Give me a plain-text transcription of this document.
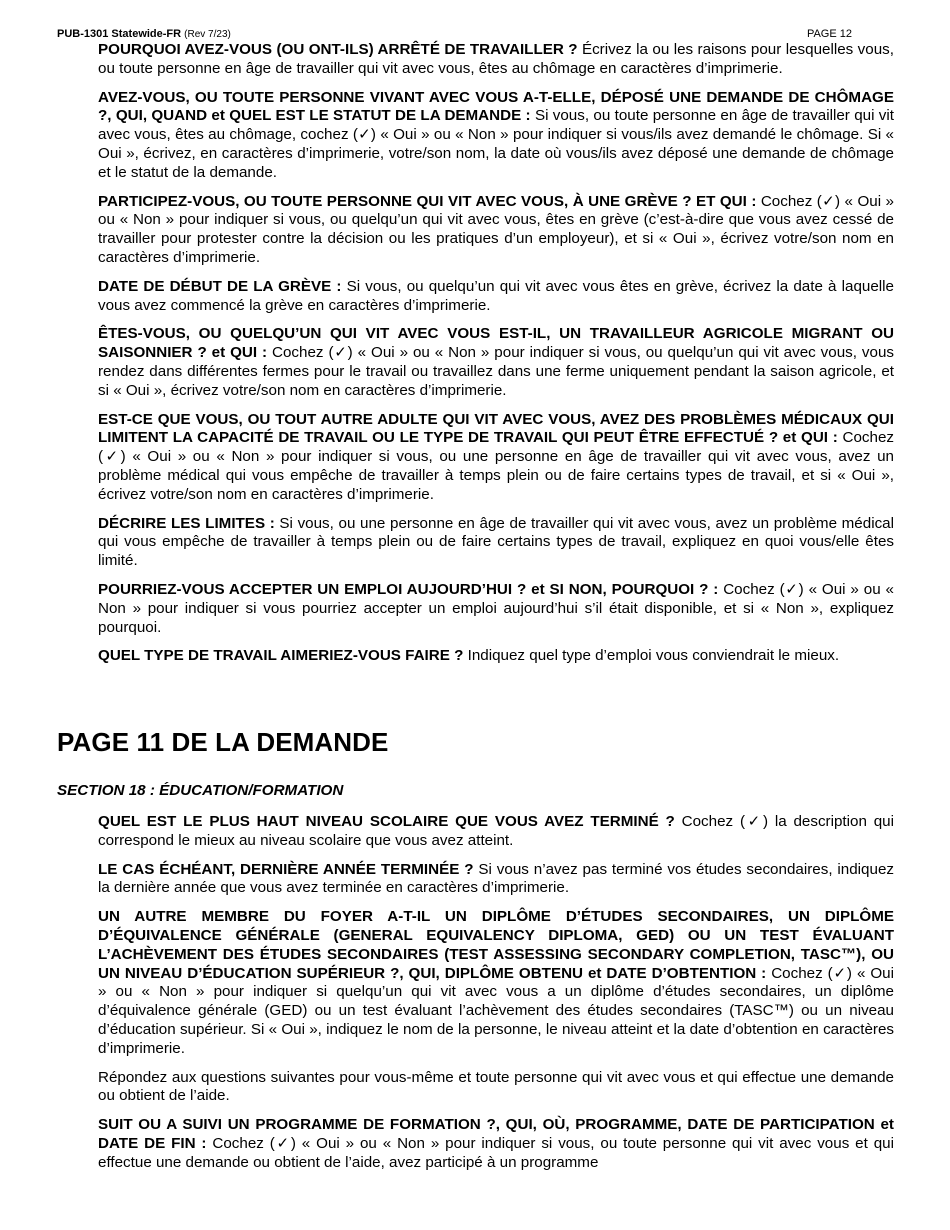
PUB-1301 Statewide-FR (Rev 7/23)	PAGE 12

POURQUOI AVEZ-VOUS (OU ONT-ILS) ARRÊTÉ DE TRAVAILLER ? Écrivez la ou les raisons pour lesquelles vous, ou toute personne en âge de travailler qui vit avec vous, êtes au chômage en caractères d’imprimerie.

AVEZ-VOUS, OU TOUTE PERSONNE VIVANT AVEC VOUS A-T-ELLE, DÉPOSÉ UNE DEMANDE DE CHÔMAGE ?, QUI, QUAND et QUEL EST LE STATUT DE LA DEMANDE : Si vous, ou toute personne en âge de travailler qui vit avec vous, êtes au chômage, cochez (✓) « Oui » ou « Non » pour indiquer si vous/ils avez demandé le chômage. Si « Oui », écrivez, en caractères d’imprimerie, votre/son nom, la date où vous/ils avez déposé une demande de chômage et le statut de la demande.

PARTICIPEZ-VOUS, OU TOUTE PERSONNE QUI VIT AVEC VOUS, À UNE GRÈVE ? ET QUI : Cochez (✓) « Oui » ou « Non » pour indiquer si vous, ou quelqu’un qui vit avec vous, êtes en grève (c’est-à-dire que vous avez cessé de travailler pour protester contre la décision ou les pratiques d’un employeur), et si « Oui », écrivez votre/son nom en caractères d’imprimerie.

DATE DE DÉBUT DE LA GRÈVE : Si vous, ou quelqu’un qui vit avec vous êtes en grève, écrivez la date à laquelle vous avez commencé la grève en caractères d’imprimerie.

ÊTES-VOUS, OU QUELQU’UN QUI VIT AVEC VOUS EST-IL, UN TRAVAILLEUR AGRICOLE MIGRANT OU SAISONNIER ? et QUI : Cochez (✓) « Oui » ou « Non » pour indiquer si vous, ou quelqu’un qui vit avec vous, vous rendez dans différentes fermes pour le travail ou travaillez dans une ferme uniquement pendant la saison agricole, et si « Oui », écrivez votre/son nom en caractères d’imprimerie.

EST-CE QUE VOUS, OU TOUT AUTRE ADULTE QUI VIT AVEC VOUS, AVEZ DES PROBLÈMES MÉDICAUX QUI LIMITENT LA CAPACITÉ DE TRAVAIL OU LE TYPE DE TRAVAIL QUI PEUT ÊTRE EFFECTUÉ ? et QUI : Cochez (✓) « Oui » ou « Non » pour indiquer si vous, ou une personne en âge de travailler qui vit avec vous, avez un problème médical qui vous empêche de travailler à temps plein ou de faire certains types de travail, et si « Oui », écrivez votre/son nom en caractères d’imprimerie.

DÉCRIRE LES LIMITES : Si vous, ou une personne en âge de travailler qui vit avec vous, avez un problème médical qui vous empêche de travailler à temps plein ou de faire certains types de travail, expliquez en quoi vous/elle êtes limité.

POURRIEZ-VOUS ACCEPTER UN EMPLOI AUJOURD’HUI ? et SI NON, POURQUOI ? : Cochez (✓) « Oui » ou « Non » pour indiquer si vous pourriez accepter un emploi aujourd’hui s’il était disponible, et si « Non », expliquez pourquoi.

QUEL TYPE DE TRAVAIL AIMERIEZ-VOUS FAIRE ? Indiquez quel type d’emploi vous conviendrait le mieux.

PAGE 11 DE LA DEMANDE
SECTION 18 : ÉDUCATION/FORMATION

QUEL EST LE PLUS HAUT NIVEAU SCOLAIRE QUE VOUS AVEZ TERMINÉ ? Cochez (✓) la description qui correspond le mieux au niveau scolaire que vous avez atteint.

LE CAS ÉCHÉANT, DERNIÈRE ANNÉE TERMINÉE ? Si vous n’avez pas terminé vos études secondaires, indiquez la dernière année que vous avez terminée en caractères d’imprimerie.

UN AUTRE MEMBRE DU FOYER A-T-IL UN DIPLÔME D’ÉTUDES SECONDAIRES, UN DIPLÔME D’ÉQUIVALENCE GÉNÉRALE (GENERAL EQUIVALENCY DIPLOMA, GED) OU UN TEST ÉVALUANT L’ACHÈVEMENT DES ÉTUDES SECONDAIRES (TEST ASSESSING SECONDARY COMPLETION, TASC™), OU UN NIVEAU D’ÉDUCATION SUPÉRIEUR ?, QUI, DIPLÔME OBTENU et DATE D’OBTENTION : Cochez (✓) « Oui » ou « Non » pour indiquer si quelqu’un qui vit avec vous a un diplôme d’études secondaires, un diplôme d’équivalence générale (GED) ou un test évaluant l’achèvement des études secondaires (TASC™) ou un niveau d’éducation supérieur. Si « Oui », indiquez le nom de la personne, le niveau atteint et la date d’obtention en caractères d’imprimerie.

Répondez aux questions suivantes pour vous-même et toute personne qui vit avec vous et qui effectue une demande ou obtient de l’aide.

SUIT OU A SUIVI UN PROGRAMME DE FORMATION ?, QUI, OÙ, PROGRAMME, DATE DE PARTICIPATION et DATE DE FIN : Cochez (✓) « Oui » ou « Non » pour indiquer si vous, ou toute personne qui vit avec vous et qui effectue une demande ou obtient de l’aide, avez participé à un programme
